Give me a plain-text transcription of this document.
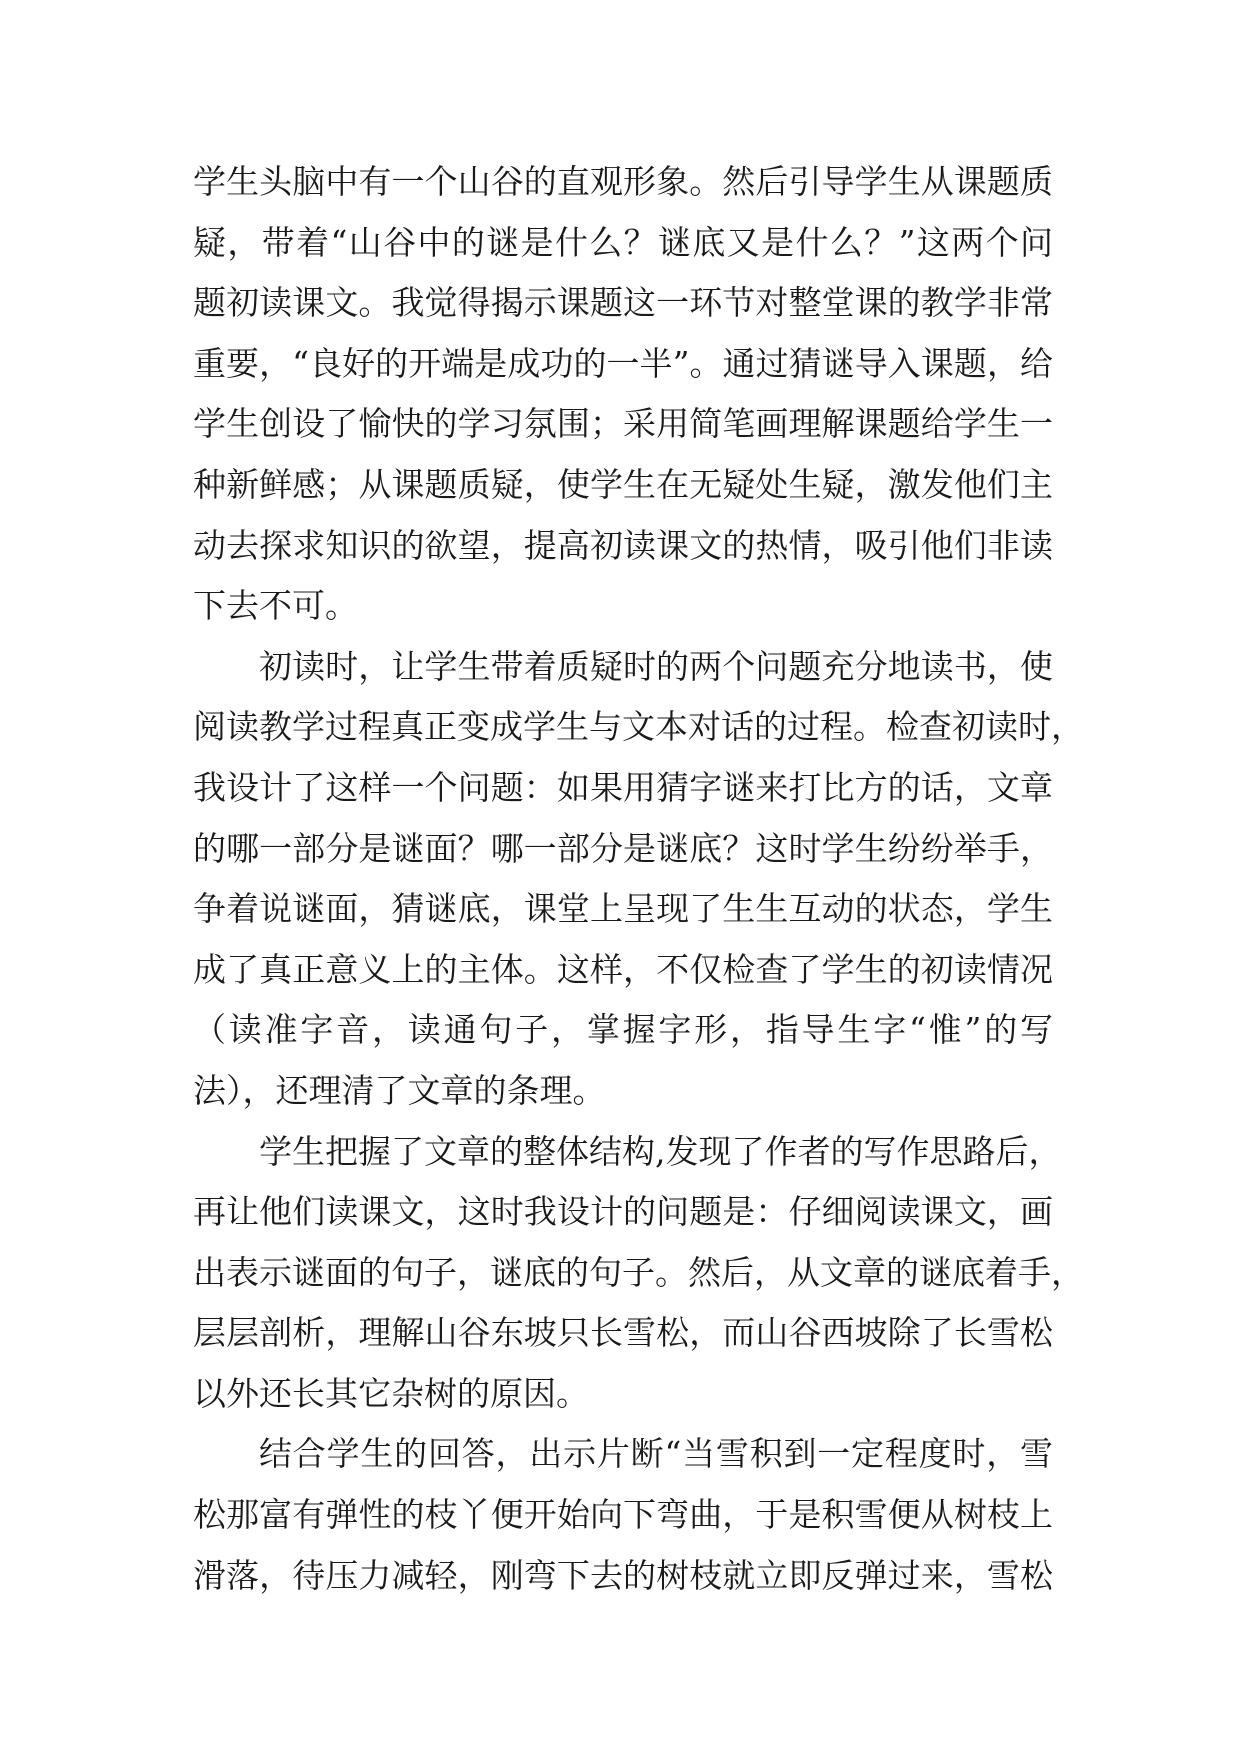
学生头脑中有一个山谷的直观形象。然后引导学生从课题质
疑，带着“山谷中的谜是什么？谜底又是什么？”这两个问
题初读课文。我觉得揭示课题这一环节对整堂课的教学非常
重要，“良好的开端是成功的一半”。通过猜谜导入课题，给
学生创设了愉快的学习氛围；采用简笔画理解课题给学生一
种新鲜感；从课题质疑，使学生在无疑处生疑，激发他们主
动去探求知识的欲望，提高初读课文的热情，吸引他们非读
下去不可。
初读时，让学生带着质疑时的两个问题充分地读书，使
阅读教学过程真正变成学生与文本对话的过程。检查初读时，
我设计了这样一个问题：如果用猜字谜来打比方的话，文章
的哪一部分是谜面？哪一部分是谜底？这时学生纷纷举手，
争着说谜面，猜谜底，课堂上呈现了生生互动的状态，学生
成了真正意义上的主体。这样，不仅检查了学生的初读情况
（读准字音，读通句子，掌握字形，指导生字“惟”的写
法），还理清了文章的条理。
学生把握了文章的整体结构,发现了作者的写作思路后，
再让他们读课文，这时我设计的问题是：仔细阅读课文，画
出表示谜面的句子，谜底的句子。然后，从文章的谜底着手，
层层剖析，理解山谷东坡只长雪松，而山谷西坡除了长雪松
以外还长其它杂树的原因。
结合学生的回答，出示片断“当雪积到一定程度时，雪
松那富有弹性的枝丫便开始向下弯曲，于是积雪便从树枝上
滑落，待压力减轻，刚弯下去的树枝就立即反弹过来，雪松
